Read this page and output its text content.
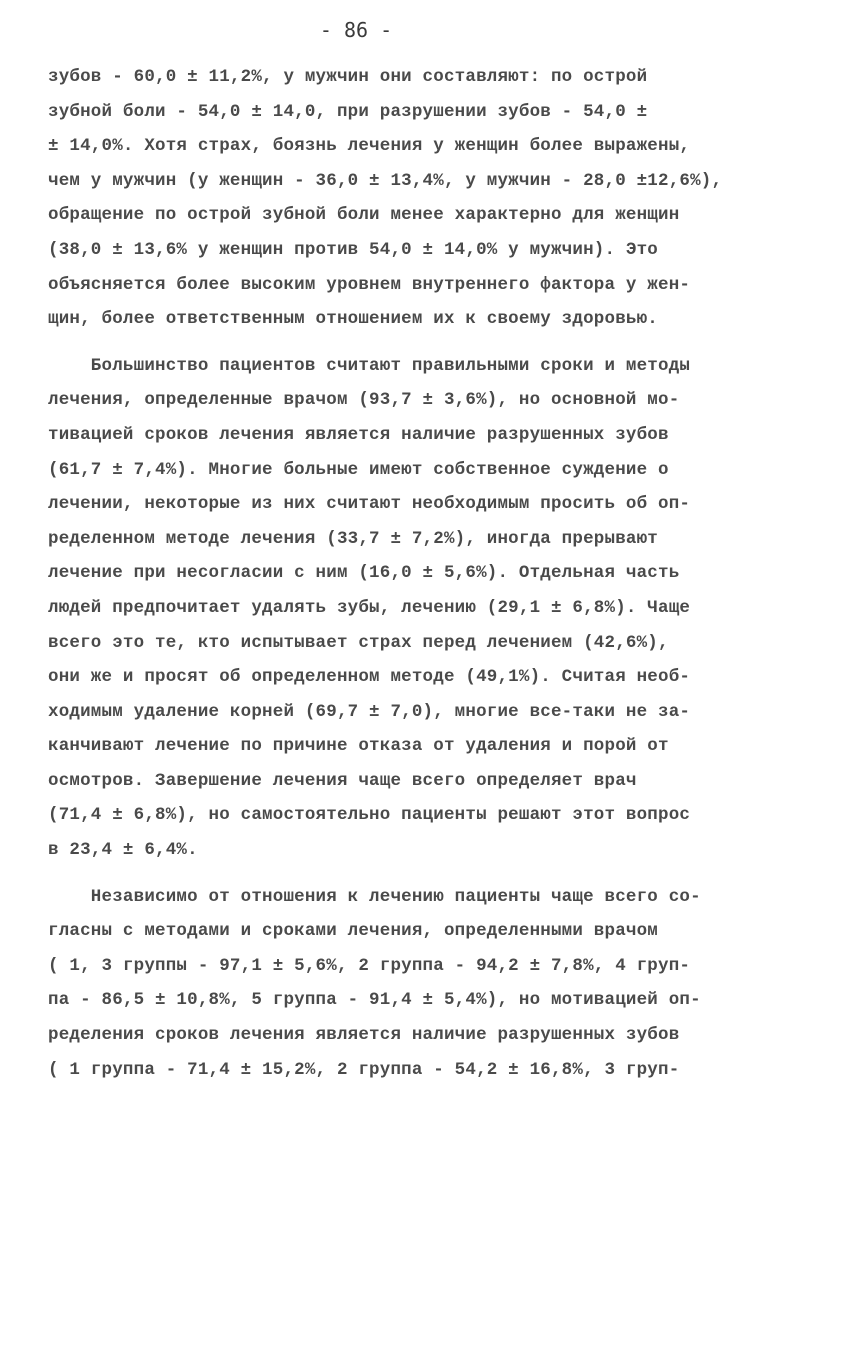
- 86 -
зубов - 60,0 ± 11,2%, у мужчин они составляют: по острой
зубной боли - 54,0 ± 14,0, при разрушении зубов - 54,0 ±
± 14,0%. Хотя страх, боязнь лечения у женщин более выражены,
чем у мужчин (у женщин - 36,0 ± 13,4%, у мужчин - 28,0 ±12,6%),
обращение по острой зубной боли менее характерно для женщин
(38,0 ± 13,6% у женщин против 54,0 ± 14,0% у мужчин). Это
объясняется более высоким уровнем внутреннего фактора у жен-
щин, более ответственным отношением их к своему здоровью.
Большинство пациентов считают правильными сроки и методы
лечения, определенные врачом (93,7 ± 3,6%), но основной мо-
тивацией сроков лечения является наличие разрушенных зубов
(61,7 ± 7,4%). Многие больные имеют собственное суждение о
лечении, некоторые из них считают необходимым просить об оп-
ределенном методе лечения (33,7 ± 7,2%), иногда прерывают
лечение при несогласии с ним (16,0 ± 5,6%). Отдельная часть
людей предпочитает удалять зубы, лечению (29,1 ± 6,8%). Чаще
всего это те, кто испытывает страх перед лечением (42,6%),
они же и просят об определенном методе (49,1%). Считая необ-
ходимым удаление корней (69,7 ± 7,0), многие все-таки не за-
канчивают лечение по причине отказа от удаления и порой от
осмотров. Завершение лечения чаще всего определяет врач
(71,4 ± 6,8%), но самостоятельно пациенты решают этот вопрос
в 23,4 ± 6,4%.
Независимо от отношения к лечению пациенты чаще всего со-
гласны с методами и сроками лечения, определенными врачом
( 1, 3 группы - 97,1 ± 5,6%, 2 группа - 94,2 ± 7,8%, 4 груп-
па - 86,5 ± 10,8%, 5 группа - 91,4 ± 5,4%), но мотивацией оп-
ределения сроков лечения является наличие разрушенных зубов
( 1 группа - 71,4 ± 15,2%, 2 группа - 54,2 ± 16,8%, 3 груп-
